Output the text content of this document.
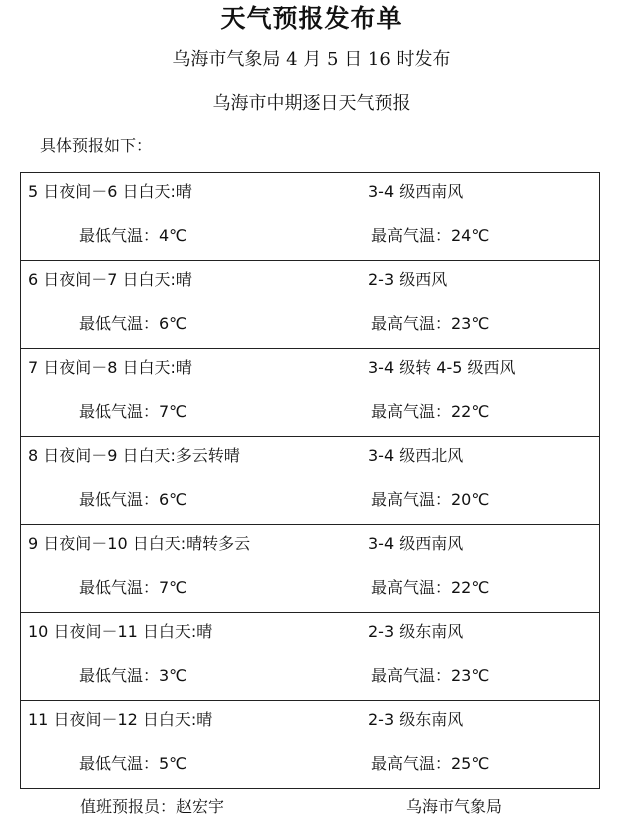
天气预报发布单
乌海市气象局 4 月 5 日 16 时发布
乌海市中期逐日天气预报
具体预报如下：
5 日夜间－6 日白天:晴	3-4 级西南风
最低气温：4℃	最高气温：24℃
6 日夜间－7 日白天:晴	2-3 级西风
最低气温：6℃	最高气温：23℃
7 日夜间－8 日白天:晴	3-4 级转 4-5 级西风
最低气温：7℃	最高气温：22℃
8 日夜间－9 日白天:多云转晴	3-4 级西北风
最低气温：6℃	最高气温：20℃
9 日夜间－10 日白天:晴转多云	3-4 级西南风
最低气温：7℃	最高气温：22℃
10 日夜间－11 日白天:晴	2-3 级东南风
最低气温：3℃	最高气温：23℃
11 日夜间－12 日白天:晴	2-3 级东南风
最低气温：5℃	最高气温：25℃
值班预报员：赵宏宇	乌海市气象局
